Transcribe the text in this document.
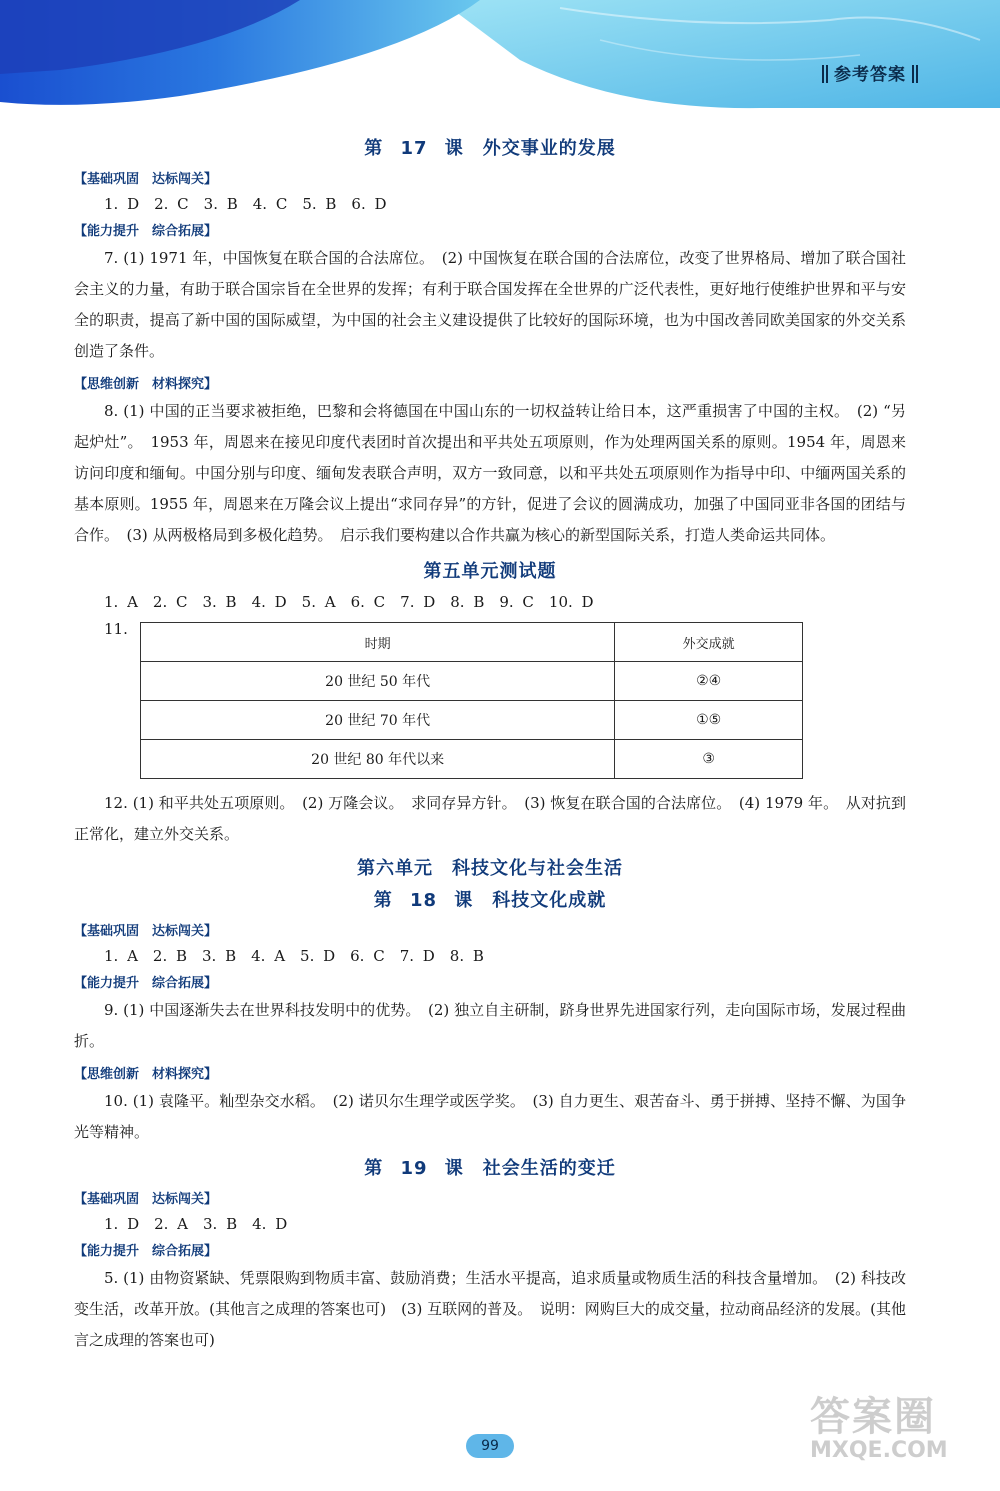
参考答案
第 17 课　外交事业的发展
【基础巩固　达标闯关】
1. D　2. C　3. B　4. C　5. B　6. D
【能力提升　综合拓展】

7. (1) 1971 年，中国恢复在联合国的合法席位。　(2) 中国恢复在联合国的合法席位，改变了世界格局、增加了联合国社会主义的力量，有助于联合国宗旨在全世界的发挥；有利于联合国发挥在全世界的广泛代表性，更好地行使维护世界和平与安全的职责，提高了新中国的国际威望，为中国的社会主义建设提供了比较好的国际环境，也为中国改善同欧美国家的外交关系创造了条件。

【思维创新　材料探究】

8. (1) 中国的正当要求被拒绝，巴黎和会将德国在中国山东的一切权益转让给日本，这严重损害了中国的主权。　(2) “另起炉灶”。　1953 年，周恩来在接见印度代表团时首次提出和平共处五项原则，作为处理两国关系的原则。1954 年，周恩来访问印度和缅甸。中国分别与印度、缅甸发表联合声明，双方一致同意，以和平共处五项原则作为指导中印、中缅两国关系的基本原则。1955 年，周恩来在万隆会议上提出“求同存异”的方针，促进了会议的圆满成功，加强了中国同亚非各国的团结与合作。　(3) 从两极格局到多极化趋势。　启示我们要构建以合作共赢为核心的新型国际关系，打造人类命运共同体。

第五单元测试题
1. A　2. C　3. B　4. D　5. A　6. C　7. D　8. B　9. C　10. D
11.
时期	外交成就
20 世纪 50 年代	②④
20 世纪 70 年代	①⑤
20 世纪 80 年代以来	③

12. (1) 和平共处五项原则。　(2) 万隆会议。　求同存异方针。　(3) 恢复在联合国的合法席位。　(4) 1979 年。　从对抗到正常化，建立外交关系。

第六单元　科技文化与社会生活
第 18 课　科技文化成就
【基础巩固　达标闯关】
1. A　2. B　3. B　4. A　5. D　6. C　7. D　8. B
【能力提升　综合拓展】

9. (1) 中国逐渐失去在世界科技发明中的优势。　(2) 独立自主研制，跻身世界先进国家行列，走向国际市场，发展过程曲折。

【思维创新　材料探究】

10. (1) 袁隆平。籼型杂交水稻。　(2) 诺贝尔生理学或医学奖。　(3) 自力更生、艰苦奋斗、勇于拼搏、坚持不懈、为国争光等精神。

第 19 课　社会生活的变迁
【基础巩固　达标闯关】
1. D　2. A　3. B　4. D
【能力提升　综合拓展】

5. (1) 由物资紧缺、凭票限购到物质丰富、鼓励消费；生活水平提高，追求质量或物质生活的科技含量增加。　(2) 科技改变生活，改革开放。(其他言之成理的答案也可)　(3) 互联网的普及。　说明：网购巨大的成交量，拉动商品经济的发展。(其他言之成理的答案也可)

99
答案圈
MXQE.COM
